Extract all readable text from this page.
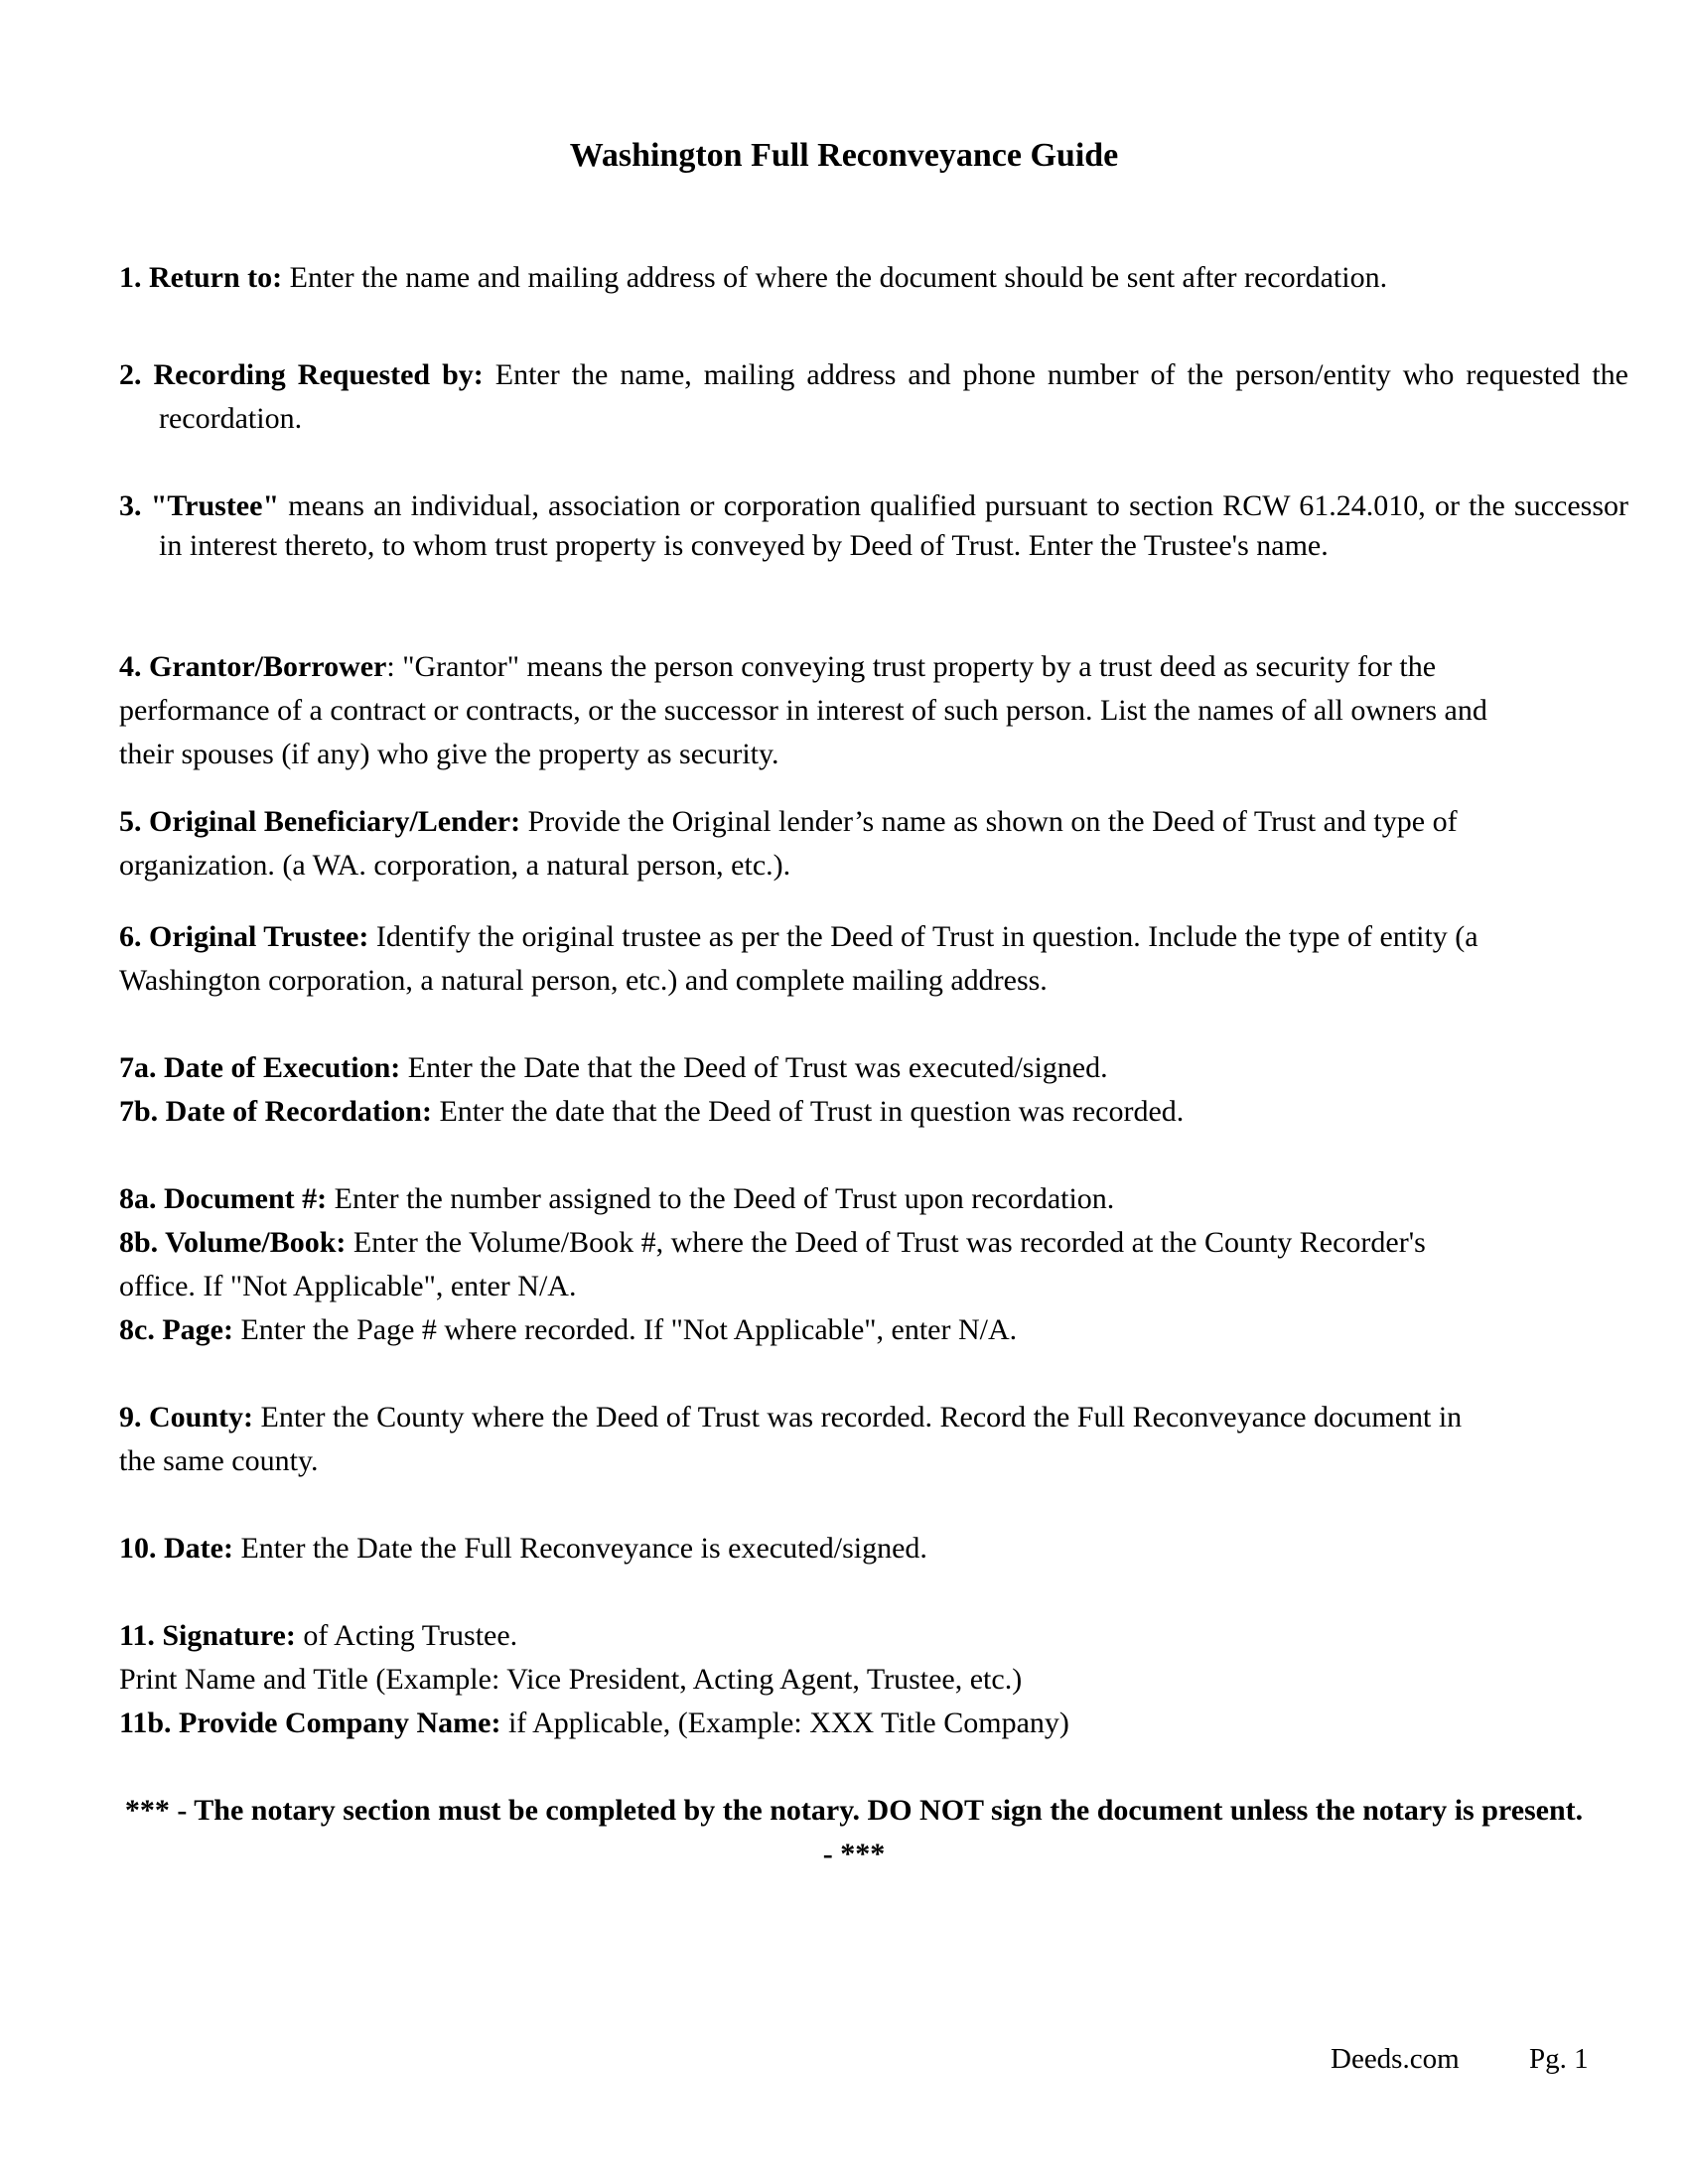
Washington Full Reconveyance Guide

1. Return to: Enter the name and mailing address of where the document should be sent after recordation.

2. Recording Requested by: Enter the name, mailing address and phone number of the person/entity who requested the recordation.

3. "Trustee" means an individual, association or corporation qualified pursuant to section RCW 61.24.010, or the successor in interest thereto, to whom trust property is conveyed by Deed of Trust. Enter the Trustee's name.

4. Grantor/Borrower: "Grantor" means the person conveying trust property by a trust deed as security for the performance of a contract or contracts, or the successor in interest of such person. List the names of all owners and their spouses (if any) who give the property as security.

5. Original Beneficiary/Lender: Provide the Original lender’s name as shown on the Deed of Trust and type of organization. (a WA. corporation, a natural person, etc.).

6. Original Trustee: Identify the original trustee as per the Deed of Trust in question. Include the type of entity (a Washington corporation, a natural person, etc.) and complete mailing address.

7a. Date of Execution: Enter the Date that the Deed of Trust was executed/signed.

7b. Date of Recordation: Enter the date that the Deed of Trust in question was recorded.

8a. Document #: Enter the number assigned to the Deed of Trust upon recordation.

8b. Volume/Book: Enter the Volume/Book #, where the Deed of Trust was recorded at the County Recorder's office. If "Not Applicable", enter N/A.

8c. Page: Enter the Page # where recorded. If "Not Applicable", enter N/A.

9. County: Enter the County where the Deed of Trust was recorded. Record the Full Reconveyance document in the same county.

10. Date: Enter the Date the Full Reconveyance is executed/signed.

11. Signature: of Acting Trustee.

Print Name and Title (Example: Vice President, Acting Agent, Trustee, etc.)

11b. Provide Company Name: if Applicable, (Example: XXX Title Company)

*** - The notary section must be completed by the notary. DO NOT sign the document unless the notary is present. - ***

Deeds.com Pg. 1
